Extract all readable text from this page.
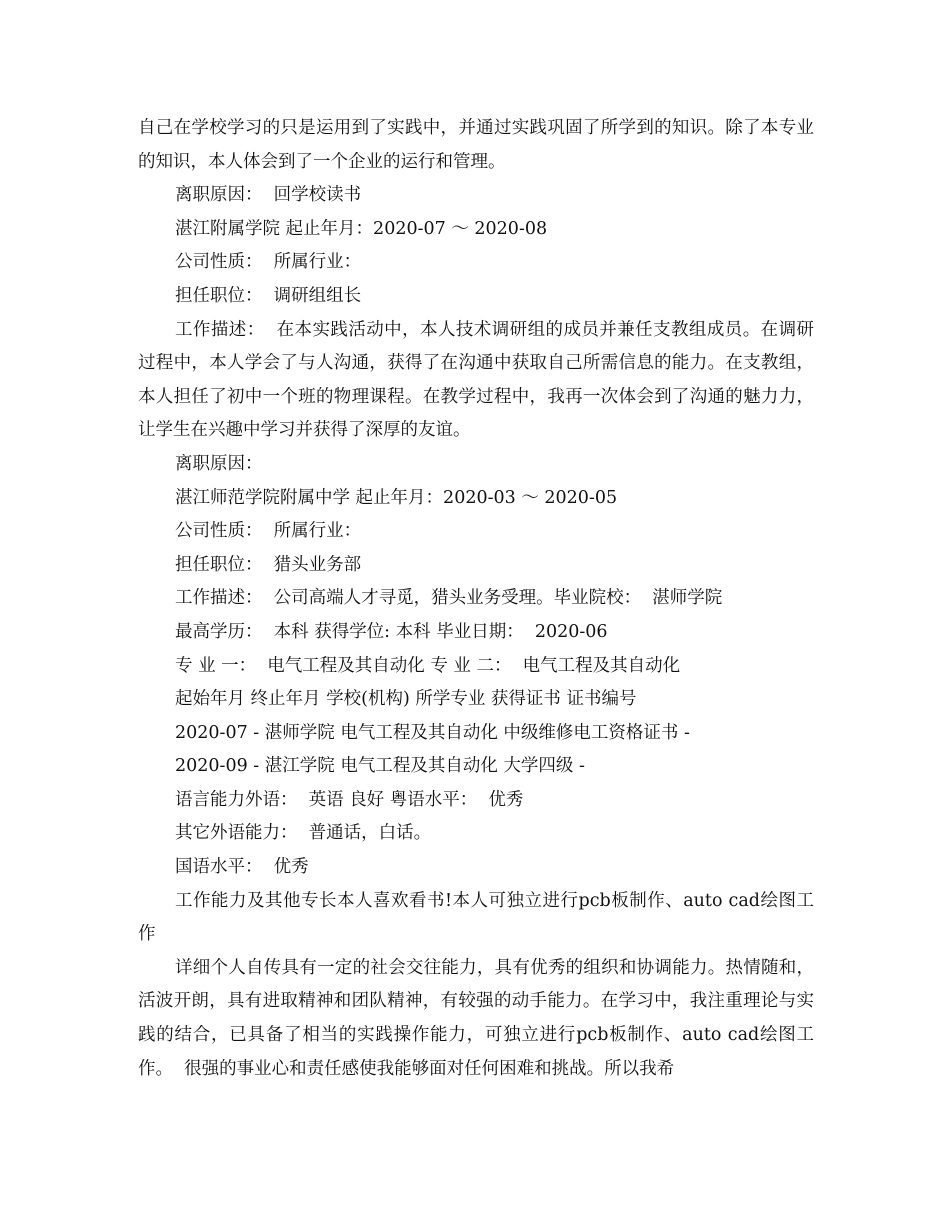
自己在学校学习的只是运用到了实践中，并通过实践巩固了所学到的知识。除了本专业的知识，本人体会到了一个企业的运行和管理。

离职原因：  回学校读书

湛江附属学院 起止年月：2020-07 ～ 2020-08

公司性质：  所属行业：

担任职位：  调研组组长

工作描述：  在本实践活动中，本人技术调研组的成员并兼任支教组成员。在调研过程中，本人学会了与人沟通，获得了在沟通中获取自己所需信息的能力。在支教组，本人担任了初中一个班的物理课程。在教学过程中，我再一次体会到了沟通的魅力力，让学生在兴趣中学习并获得了深厚的友谊。

离职原因：

湛江师范学院附属中学 起止年月：2020-03 ～ 2020-05

公司性质：  所属行业：

担任职位：  猎头业务部

工作描述：  公司高端人才寻觅，猎头业务受理。毕业院校：  湛师学院

最高学历：  本科 获得学位: 本科 毕业日期：  2020-06

专 业 一：  电气工程及其自动化 专 业 二：  电气工程及其自动化

起始年月 终止年月 学校(机构) 所学专业 获得证书 证书编号

2020-07 - 湛师学院 电气工程及其自动化 中级维修电工资格证书 -

2020-09 - 湛江学院 电气工程及其自动化 大学四级 -

语言能力外语：  英语 良好 粤语水平：  优秀

其它外语能力：  普通话，白话。

国语水平：  优秀

工作能力及其他专长本人喜欢看书!本人可独立进行pcb板制作、auto cad绘图工作

详细个人自传具有一定的社会交往能力，具有优秀的组织和协调能力。热情随和，活波开朗，具有进取精神和团队精神，有较强的动手能力。在学习中，我注重理论与实践的结合，已具备了相当的实践操作能力，可独立进行pcb板制作、auto cad绘图工作。  很强的事业心和责任感使我能够面对任何困难和挑战。所以我希
